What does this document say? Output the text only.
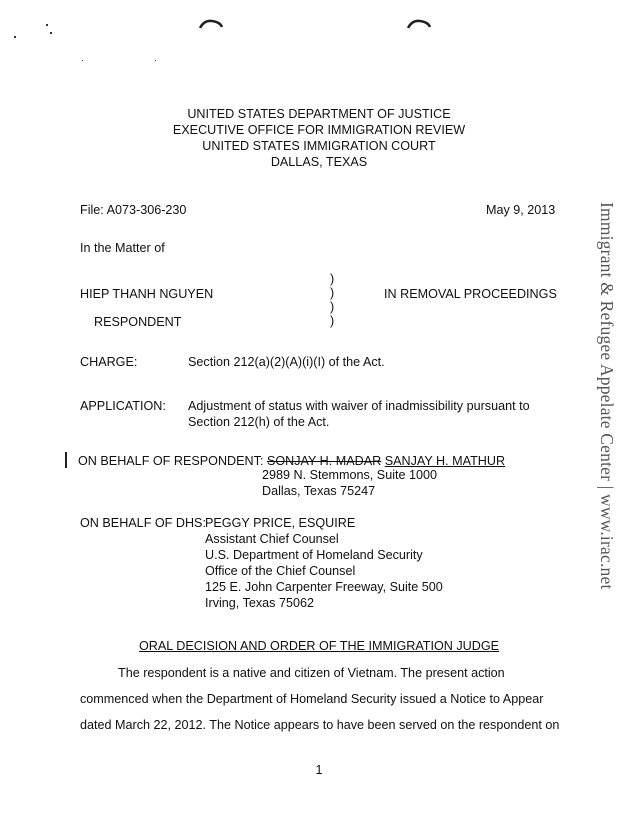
UNITED STATES DEPARTMENT OF JUSTICE
EXECUTIVE OFFICE FOR IMMIGRATION REVIEW
UNITED STATES IMMIGRATION COURT
DALLAS, TEXAS
File: A073-306-230	May 9, 2013
In the Matter of
HIEP THANH NGUYEN
RESPONDENT
)
)
)
)
IN REMOVAL PROCEEDINGS
CHARGE:	Section 212(a)(2)(A)(i)(I) of the Act.
APPLICATION: Adjustment of status with waiver of inadmissibility pursuant to
Section 212(h) of the Act.
ON BEHALF OF RESPONDENT: SONJAY H. MADAR SANJAY H. MATHUR
2989 N. Stemmons, Suite 1000
Dallas, Texas 75247
ON BEHALF OF DHS: PEGGY PRICE, ESQUIRE
Assistant Chief Counsel
U.S. Department of Homeland Security
Office of the Chief Counsel
125 E. John Carpenter Freeway, Suite 500
Irving, Texas 75062
ORAL DECISION AND ORDER OF THE IMMIGRATION JUDGE
The respondent is a native and citizen of Vietnam. The present action
commenced when the Department of Homeland Security issued a Notice to Appear
dated March 22, 2012. The Notice appears to have been served on the respondent on
1
Immigrant & Refugee Appelate Center | www.irac.net
